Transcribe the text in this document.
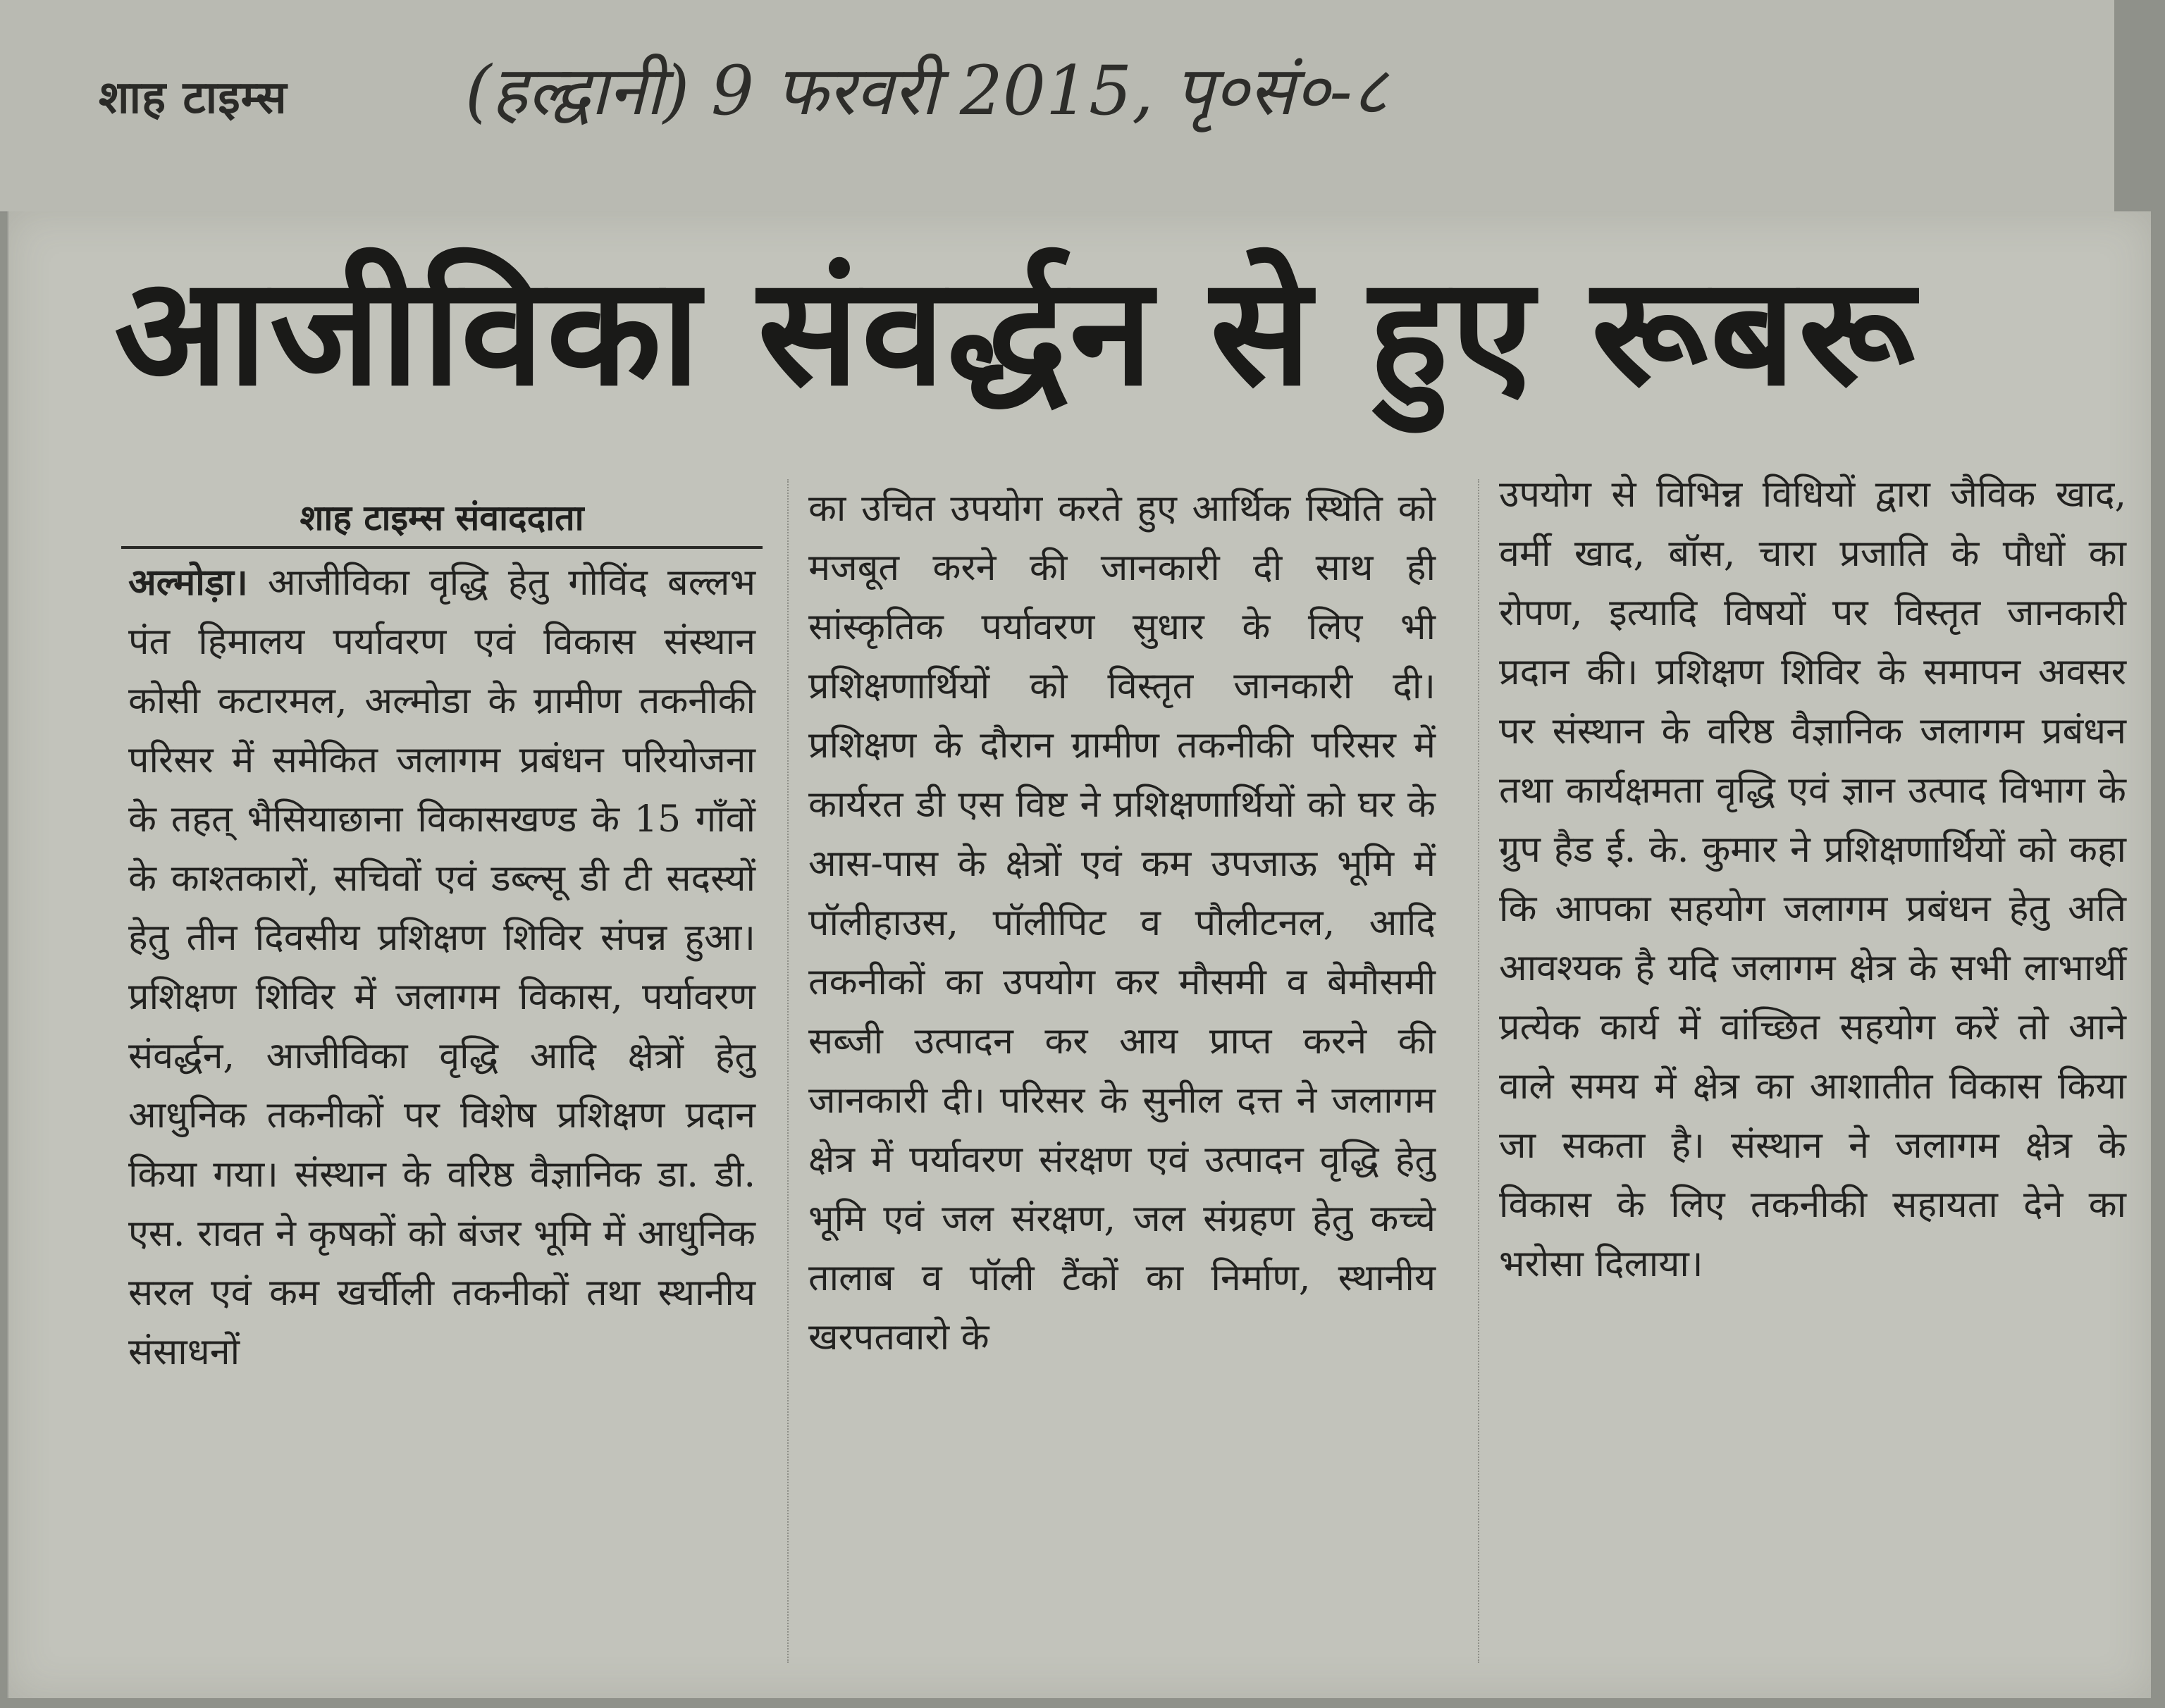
शाह टाइम्स	(हल्द्वानी) 9 फरवरी 2015, पृ०सं०-८
आजीविका संवर्द्धन से हुए रूबरू
शाह टाइम्स संवाददाता

अल्मोड़ा। आजीविका वृद्धि हेतु गोविंद बल्लभ पंत हिमालय पर्यावरण एवं विकास संस्थान कोसी कटारमल, अल्मोडा के ग्रामीण तकनीकी परिसर में समेकित जलागम प्रबंधन परियोजना के तहत् भैसियाछाना विकासखण्ड के 15 गाँवों के काश्तकारों, सचिवों एवं डब्ल्सू डी टी सदस्यों हेतु तीन दिवसीय प्रशिक्षण शिविर संपन्न हुआ। प्रशिक्षण शिविर में जलागम विकास, पर्यावरण संवर्द्धन, आजीविका वृद्धि आदि क्षेत्रों हेतु आधुनिक तकनीकों पर विशेष प्रशिक्षण प्रदान किया गया। संस्थान के वरिष्ठ वैज्ञानिक डा. डी. एस. रावत ने कृषकों को बंजर भूमि में आधुनिक सरल एवं कम खर्चीली तकनीकों तथा स्थानीय संसाधनों

का उचित उपयोग करते हुए आर्थिक स्थिति को मजबूत करने की जानकारी दी साथ ही सांस्कृतिक पर्यावरण सुधार के लिए भी प्रशिक्षणार्थियों को विस्तृत जानकारी दी। प्रशिक्षण के दौरान ग्रामीण तकनीकी परिसर में कार्यरत डी एस विष्ट ने प्रशिक्षणार्थियों को घर के आस-पास के क्षेत्रों एवं कम उपजाऊ भूमि में पॉलीहाउस, पॉलीपिट व पौलीटनल, आदि तकनीकों का उपयोग कर मौसमी व बेमौसमी सब्जी उत्पादन कर आय प्राप्त करने की जानकारी दी। परिसर के सुनील दत्त ने जलागम क्षेत्र में पर्यावरण संरक्षण एवं उत्पादन वृद्धि हेतु भूमि एवं जल संरक्षण, जल संग्रहण हेतु कच्चे तालाब व पॉली टैंकों का निर्माण, स्थानीय खरपतवारो के

उपयोग से विभिन्न विधियों द्वारा जैविक खाद, वर्मी खाद, बॉस, चारा प्रजाति के पौधों का रोपण, इत्यादि विषयों पर विस्तृत जानकारी प्रदान की। प्रशिक्षण शिविर के समापन अवसर पर संस्थान के वरिष्ठ वैज्ञानिक जलागम प्रबंधन तथा कार्यक्षमता वृद्धि एवं ज्ञान उत्पाद विभाग के ग्रुप हैड ई. के. कुमार ने प्रशिक्षणार्थियों को कहा कि आपका सहयोग जलागम प्रबंधन हेतु अति आवश्यक है यदि जलागम क्षेत्र के सभी लाभार्थी प्रत्येक कार्य में वांच्छित सहयोग करें तो आने वाले समय में क्षेत्र का आशातीत विकास किया जा सकता है। संस्थान ने जलागम क्षेत्र के विकास के लिए तकनीकी सहायता देने का भरोसा दिलाया।
